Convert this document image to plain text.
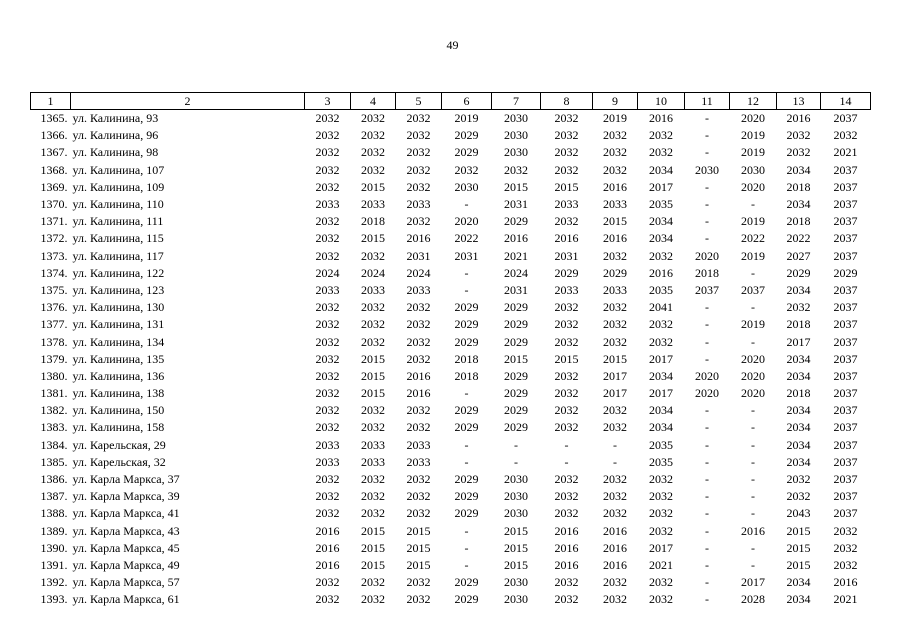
49
1	2	3	4	5	6	7	8	9	10	11	12	13	14
1365.	ул. Калинина, 93	2032	2032	2032	2019	2030	2032	2019	2016	-	2020	2016	2037
1366.	ул. Калинина, 96	2032	2032	2032	2029	2030	2032	2032	2032	-	2019	2032	2032
1367.	ул. Калинина, 98	2032	2032	2032	2029	2030	2032	2032	2032	-	2019	2032	2021
1368.	ул. Калинина, 107	2032	2032	2032	2032	2032	2032	2032	2034	2030	2030	2034	2037
1369.	ул. Калинина, 109	2032	2015	2032	2030	2015	2015	2016	2017	-	2020	2018	2037
1370.	ул. Калинина, 110	2033	2033	2033	-	2031	2033	2033	2035	-	-	2034	2037
1371.	ул. Калинина, 111	2032	2018	2032	2020	2029	2032	2015	2034	-	2019	2018	2037
1372.	ул. Калинина, 115	2032	2015	2016	2022	2016	2016	2016	2034	-	2022	2022	2037
1373.	ул. Калинина, 117	2032	2032	2031	2031	2021	2031	2032	2032	2020	2019	2027	2037
1374.	ул. Калинина, 122	2024	2024	2024	-	2024	2029	2029	2016	2018	-	2029	2029
1375.	ул. Калинина, 123	2033	2033	2033	-	2031	2033	2033	2035	2037	2037	2034	2037
1376.	ул. Калинина, 130	2032	2032	2032	2029	2029	2032	2032	2041	-	-	2032	2037
1377.	ул. Калинина, 131	2032	2032	2032	2029	2029	2032	2032	2032	-	2019	2018	2037
1378.	ул. Калинина, 134	2032	2032	2032	2029	2029	2032	2032	2032	-	-	2017	2037
1379.	ул. Калинина, 135	2032	2015	2032	2018	2015	2015	2015	2017	-	2020	2034	2037
1380.	ул. Калинина, 136	2032	2015	2016	2018	2029	2032	2017	2034	2020	2020	2034	2037
1381.	ул. Калинина, 138	2032	2015	2016	-	2029	2032	2017	2017	2020	2020	2018	2037
1382.	ул. Калинина, 150	2032	2032	2032	2029	2029	2032	2032	2034	-	-	2034	2037
1383.	ул. Калинина, 158	2032	2032	2032	2029	2029	2032	2032	2034	-	-	2034	2037
1384.	ул. Карельская, 29	2033	2033	2033	-	-	-	-	2035	-	-	2034	2037
1385.	ул. Карельская, 32	2033	2033	2033	-	-	-	-	2035	-	-	2034	2037
1386.	ул. Карла Маркса, 37	2032	2032	2032	2029	2030	2032	2032	2032	-	-	2032	2037
1387.	ул. Карла Маркса, 39	2032	2032	2032	2029	2030	2032	2032	2032	-	-	2032	2037
1388.	ул. Карла Маркса, 41	2032	2032	2032	2029	2030	2032	2032	2032	-	-	2043	2037
1389.	ул. Карла Маркса, 43	2016	2015	2015	-	2015	2016	2016	2032	-	2016	2015	2032
1390.	ул. Карла Маркса, 45	2016	2015	2015	-	2015	2016	2016	2017	-	-	2015	2032
1391.	ул. Карла Маркса, 49	2016	2015	2015	-	2015	2016	2016	2021	-	-	2015	2032
1392.	ул. Карла Маркса, 57	2032	2032	2032	2029	2030	2032	2032	2032	-	2017	2034	2016
1393.	ул. Карла Маркса, 61	2032	2032	2032	2029	2030	2032	2032	2032	-	2028	2034	2021
